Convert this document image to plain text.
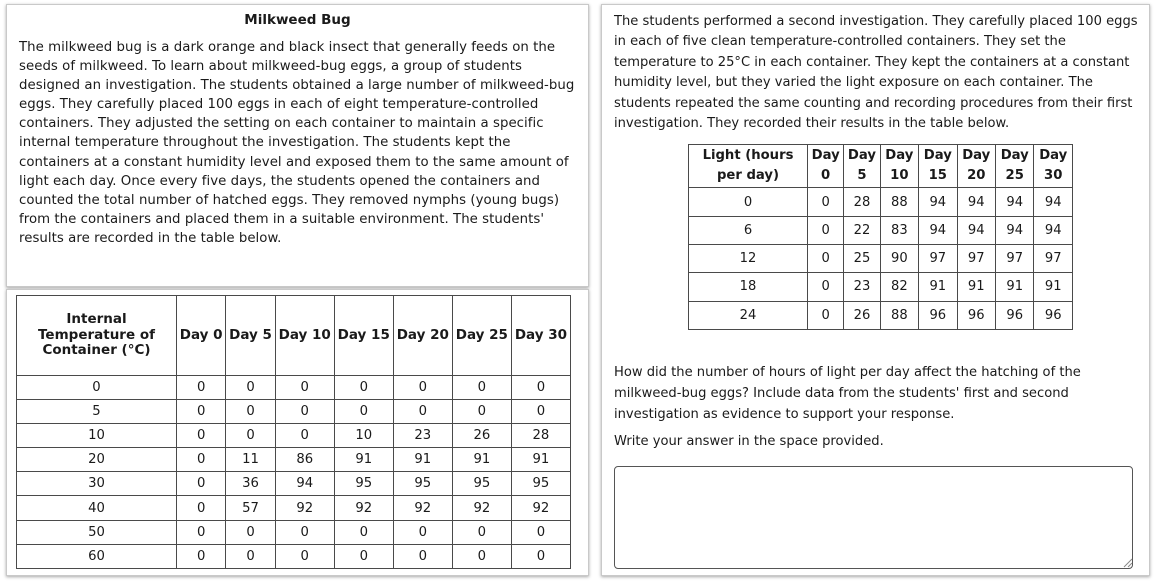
Milkweed Bug
The milkweed bug is a dark orange and black insect that generally feeds on the seeds of milkweed. To learn about milkweed-bug eggs, a group of students designed an investigation. The students obtained a large number of milkweed-bug eggs. They carefully placed 100 eggs in each of eight temperature-controlled containers. They adjusted the setting on each container to maintain a specific internal temperature throughout the investigation. The students kept the containers at a constant humidity level and exposed them to the same amount of light each day. Once every five days, the students opened the containers and counted the total number of hatched eggs. They removed nymphs (young bugs) from the containers and placed them in a suitable environment. The students' results are recorded in the table below.
Internal Temperature of Container (°C)	Day 0	Day 5	Day 10	Day 15	Day 20	Day 25	Day 30
0	0	0	0	0	0	0	0
5	0	0	0	0	0	0	0
10	0	0	0	10	23	26	28
20	0	11	86	91	91	91	91
30	0	36	94	95	95	95	95
40	0	57	92	92	92	92	92
50	0	0	0	0	0	0	0
60	0	0	0	0	0	0	0
The students performed a second investigation. They carefully placed 100 eggs in each of five clean temperature-controlled containers. They set the temperature to 25°C in each container. They kept the containers at a constant humidity level, but they varied the light exposure on each container. The students repeated the same counting and recording procedures from their first investigation. They recorded their results in the table below.
Light (hours per day)	Day 0	Day 5	Day 10	Day 15	Day 20	Day 25	Day 30
0	0	28	88	94	94	94	94
6	0	22	83	94	94	94	94
12	0	25	90	97	97	97	97
18	0	23	82	91	91	91	91
24	0	26	88	96	96	96	96
How did the number of hours of light per day affect the hatching of the milkweed-bug eggs? Include data from the students' first and second investigation as evidence to support your response.
Write your answer in the space provided.
